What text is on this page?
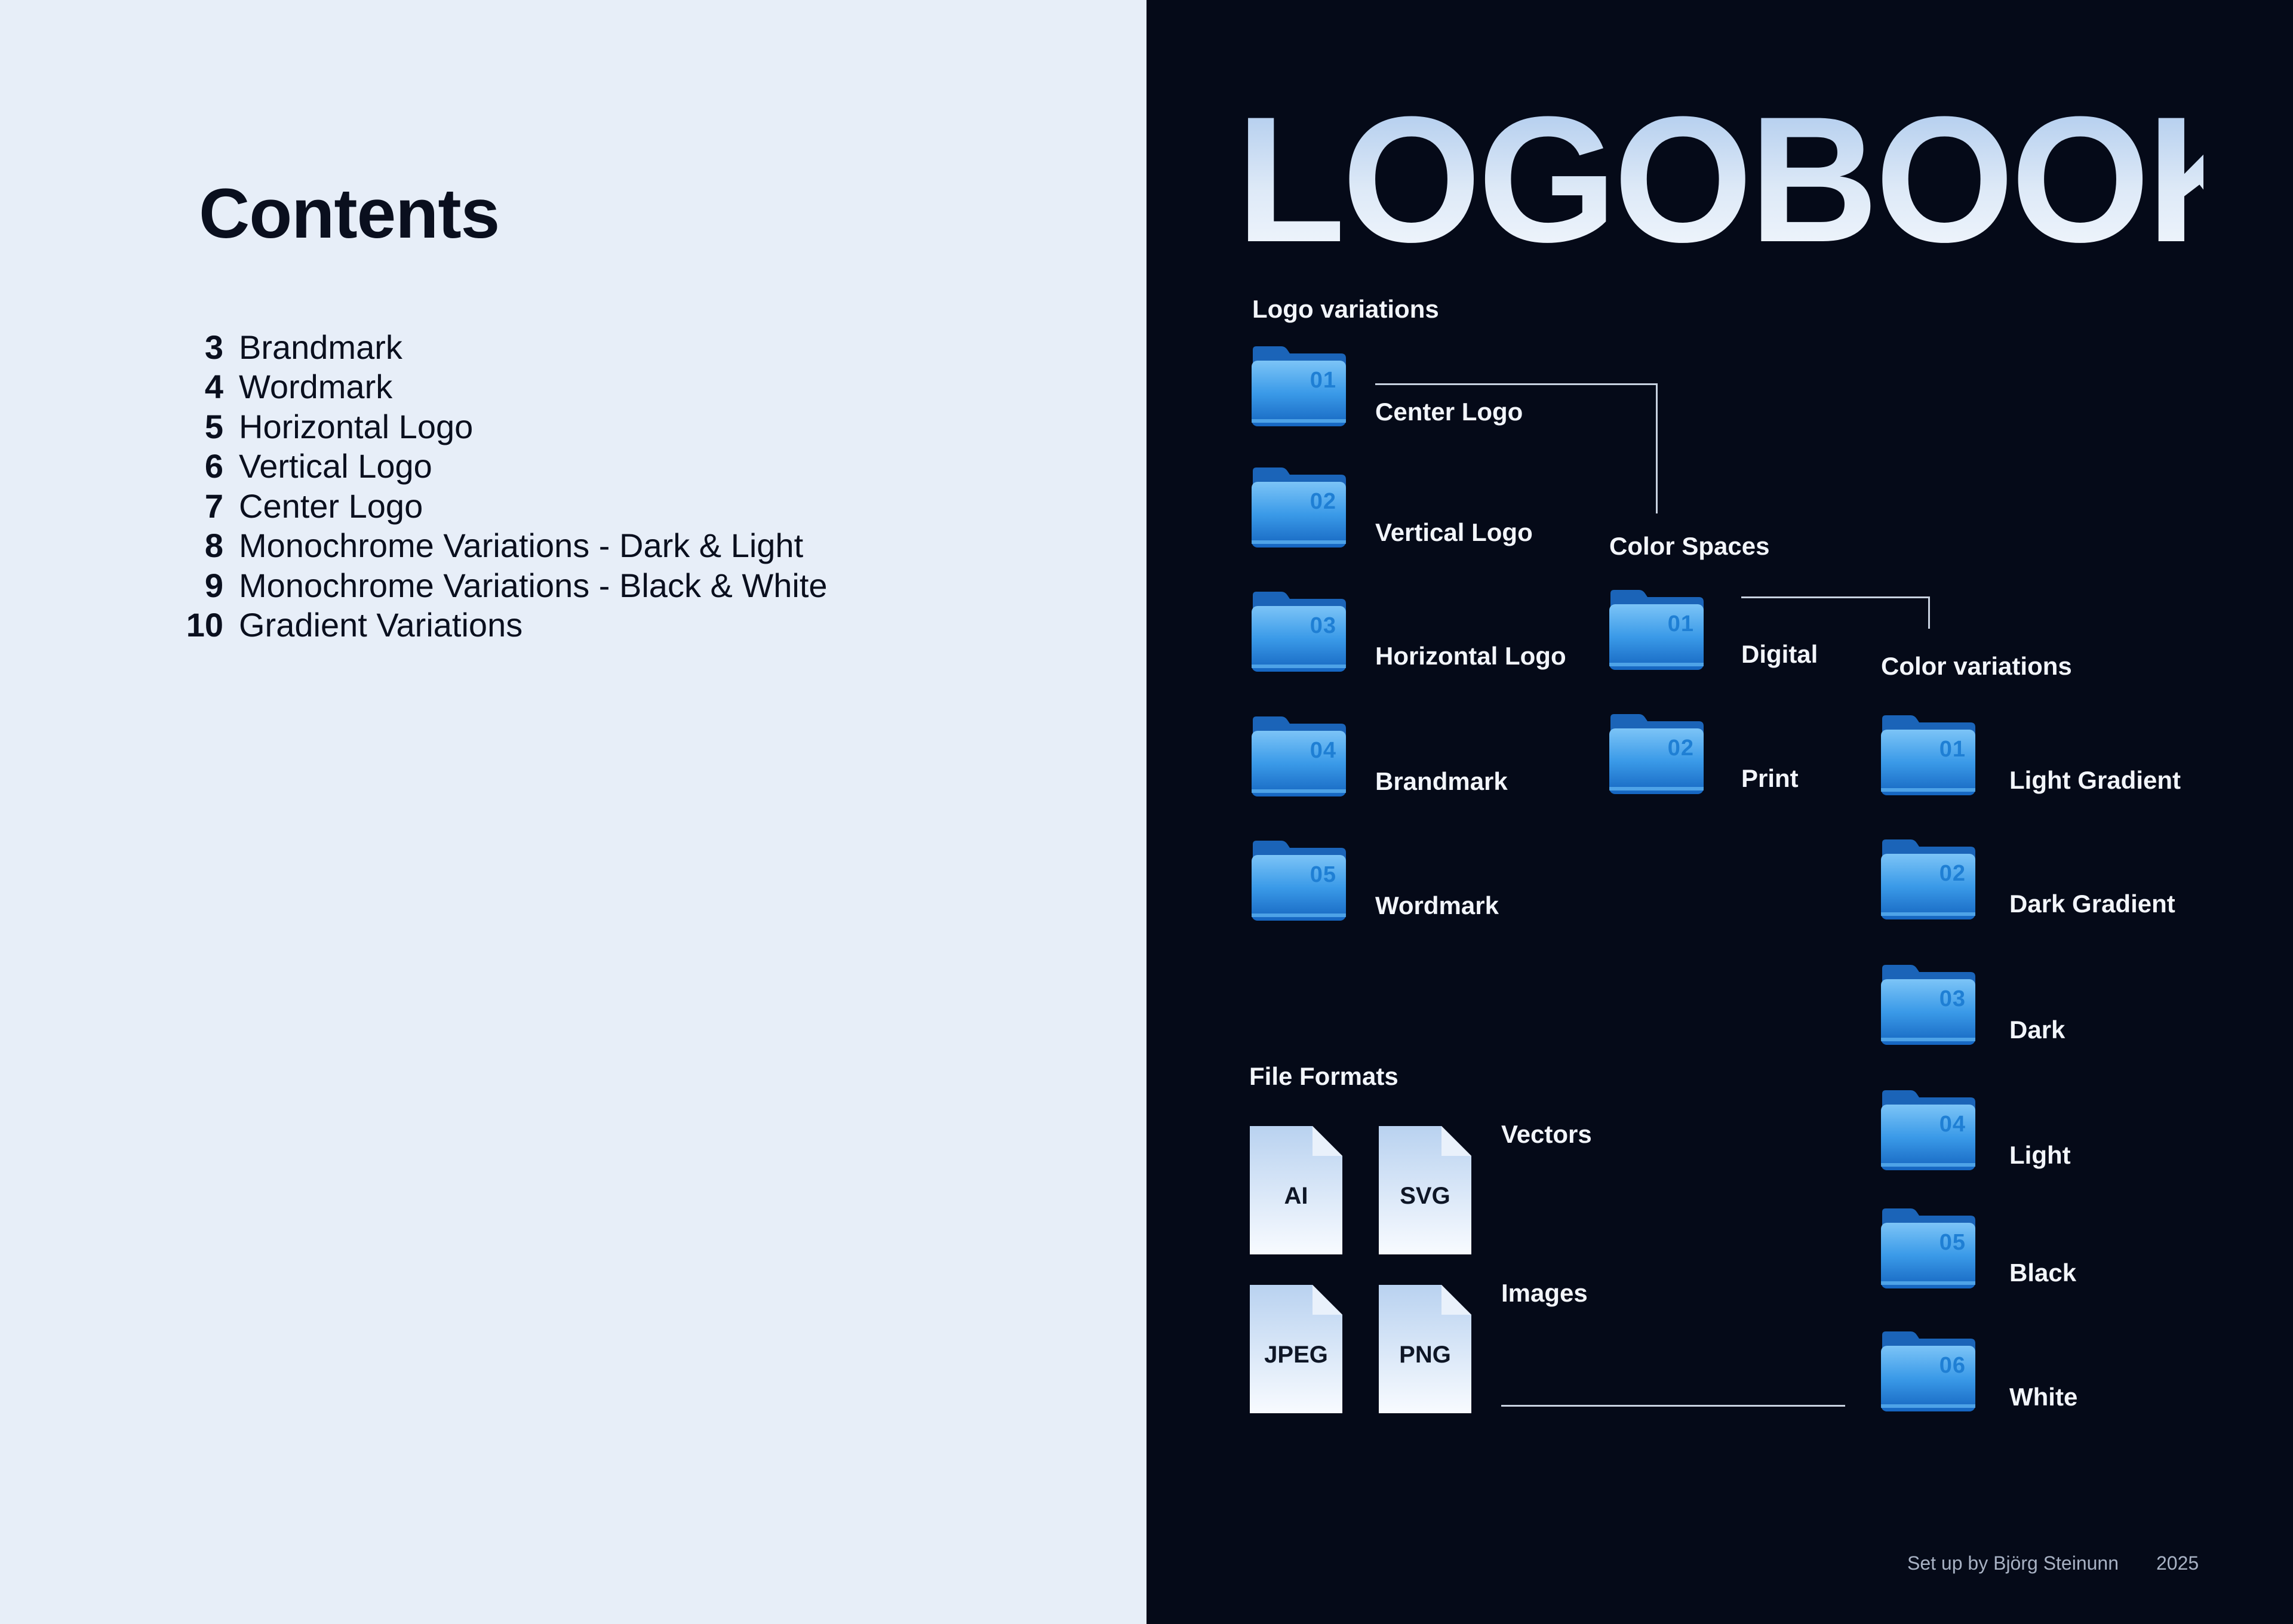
Contents
3 Brandmark
4 Wordmark
5 Horizontal Logo
6 Vertical Logo
7 Center Logo
8 Monochrome Variations - Dark & Light
9 Monochrome Variations - Black & White
10 Gradient Variations
LOGOBOOK
Logo variations
Color Spaces
Color variations
File Formats
01
Center Logo
02
Vertical Logo
03
Horizontal Logo
04
Brandmark
05
Wordmark
01
Digital
02
Print
01
Light Gradient
02
Dark Gradient
03
Dark
04
Light
05
Black
06
White
AI	SVG
JPEG	PNG
Vectors
Images
Set up by Björg Steinunn 2025
